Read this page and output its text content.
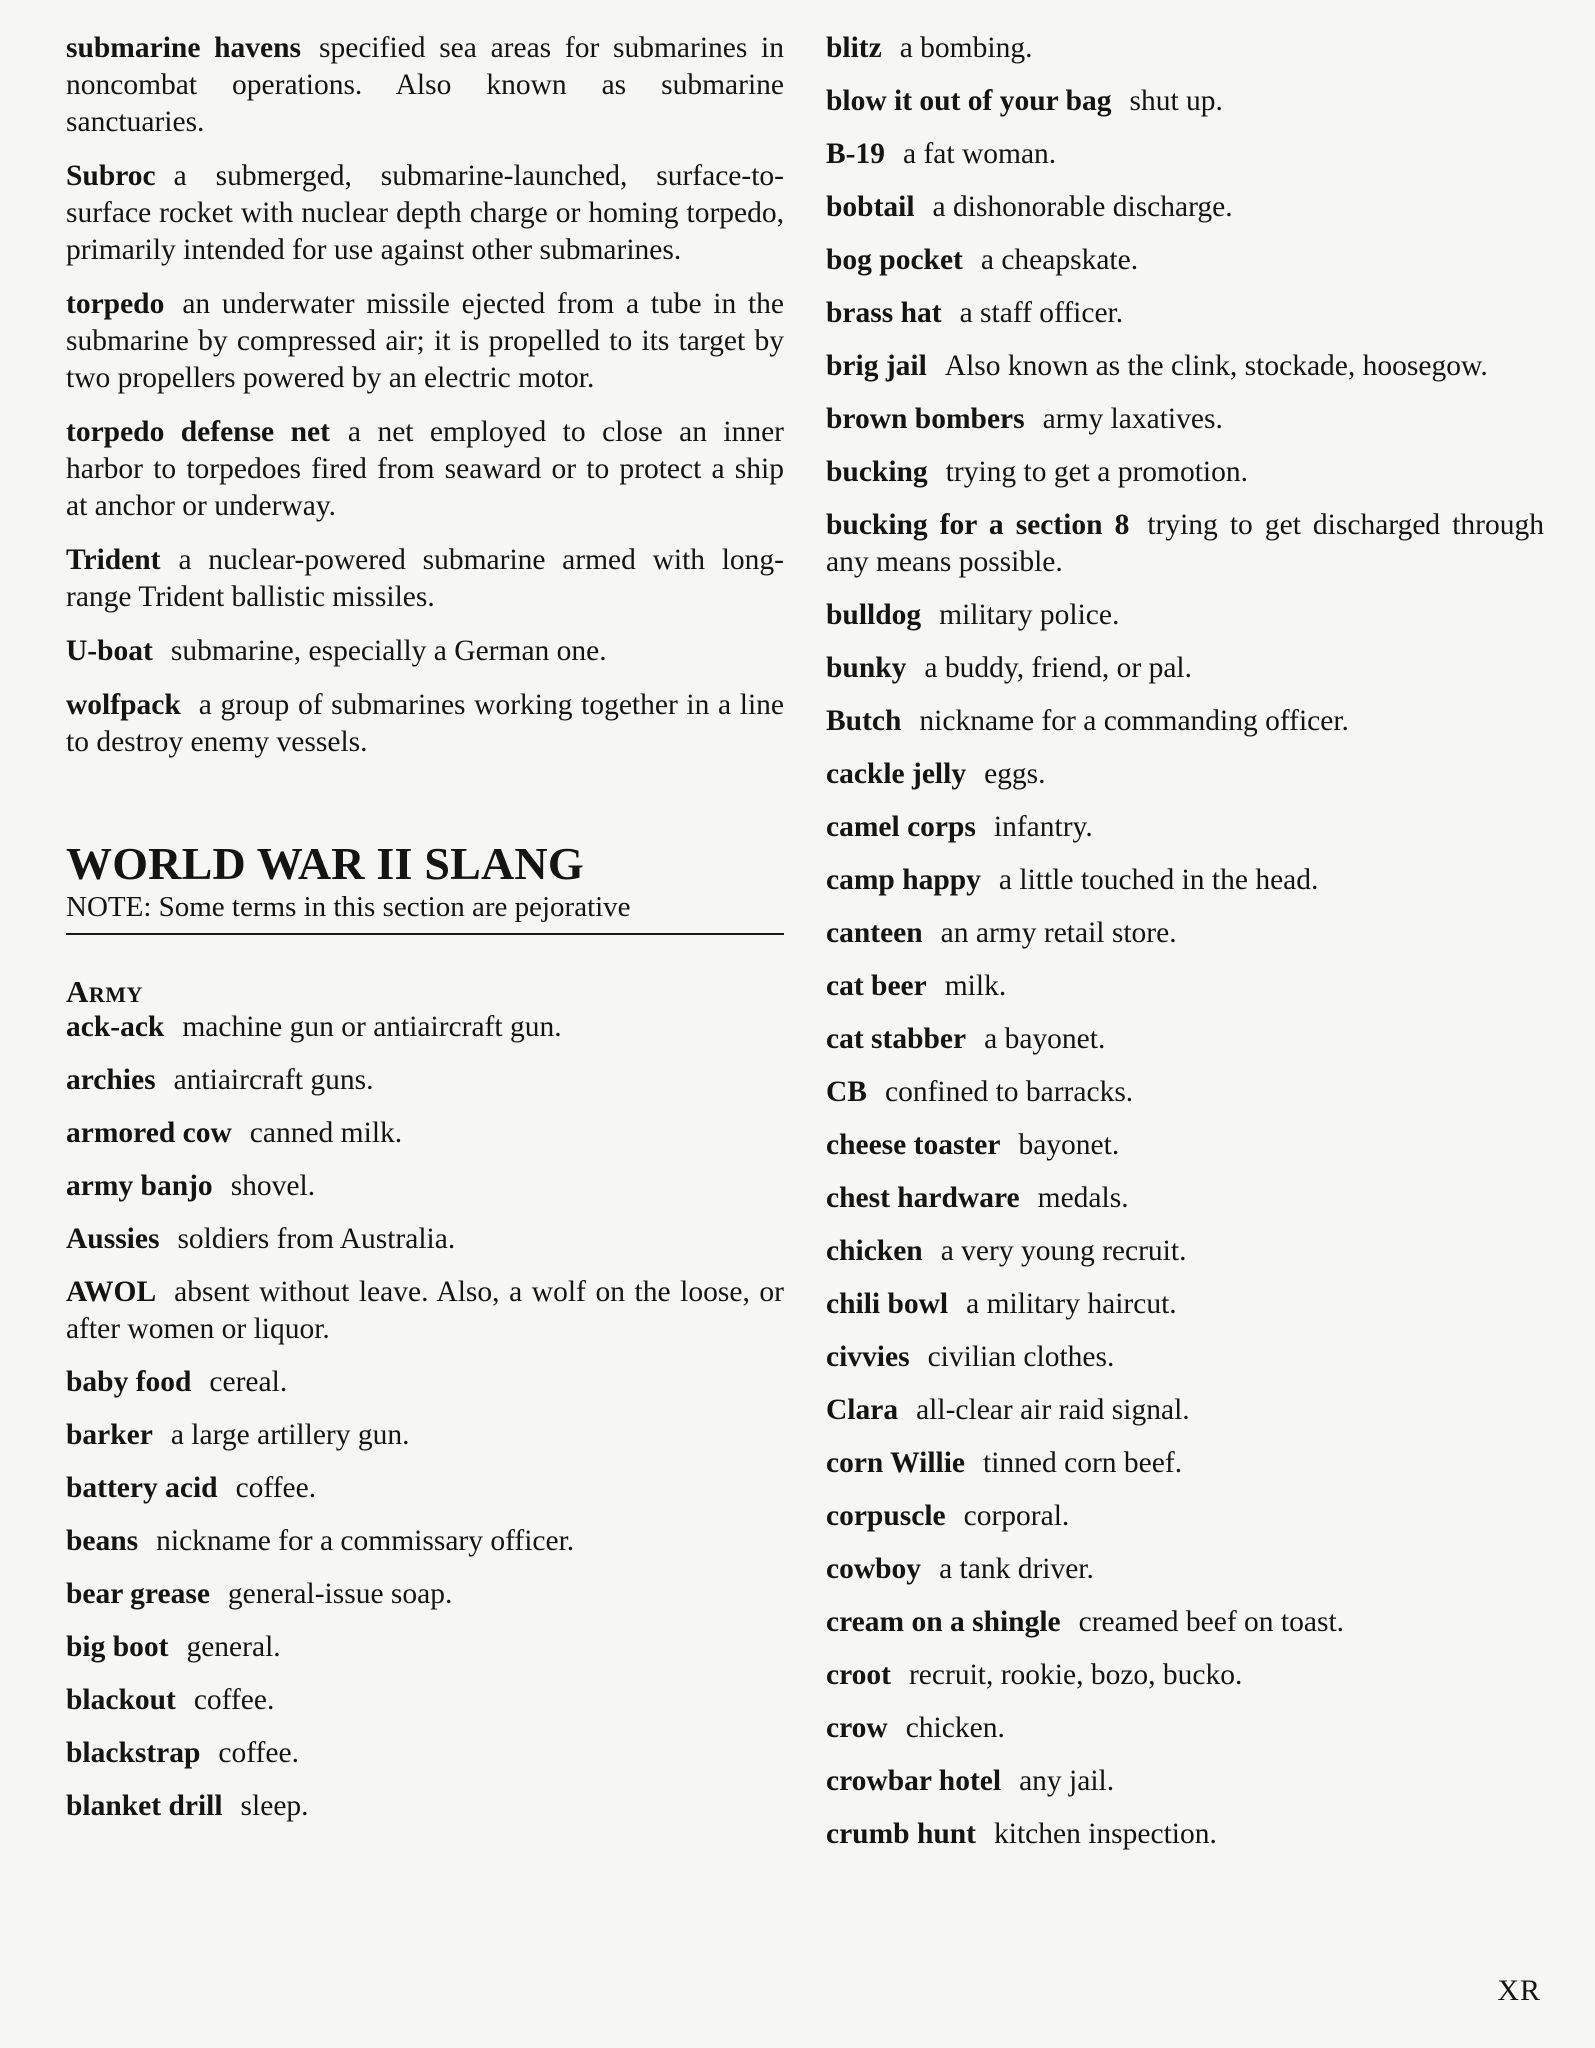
submarine havens specified sea areas for submarines in noncombat operations. Also known as submarine sanctuaries.

Subroc a submerged, submarine-launched, surface-to-surface rocket with nuclear depth charge or homing torpedo, primarily intended for use against other submarines.

torpedo an underwater missile ejected from a tube in the submarine by compressed air; it is propelled to its target by two propellers powered by an electric motor.

torpedo defense net a net employed to close an inner harbor to torpedoes fired from seaward or to protect a ship at anchor or underway.

Trident a nuclear-powered submarine armed with long-range Trident ballistic missiles.

U-boat submarine, especially a German one.

wolfpack a group of submarines working together in a line to destroy enemy vessels.

WORLD WAR II SLANG

NOTE: Some terms in this section are pejorative

Army

ack-ack machine gun or antiaircraft gun.

archies antiaircraft guns.

armored cow canned milk.

army banjo shovel.

Aussies soldiers from Australia.

AWOL absent without leave. Also, a wolf on the loose, or after women or liquor.

baby food cereal.

barker a large artillery gun.

battery acid coffee.

beans nickname for a commissary officer.

bear grease general-issue soap.

big boot general.

blackout coffee.

blackstrap coffee.

blanket drill sleep.

blitz a bombing.

blow it out of your bag shut up.

B-19 a fat woman.

bobtail a dishonorable discharge.

bog pocket a cheapskate.

brass hat a staff officer.

brig jail Also known as the clink, stockade, hoosegow.

brown bombers army laxatives.

bucking trying to get a promotion.

bucking for a section 8 trying to get discharged through any means possible.

bulldog military police.

bunky a buddy, friend, or pal.

Butch nickname for a commanding officer.

cackle jelly eggs.

camel corps infantry.

camp happy a little touched in the head.

canteen an army retail store.

cat beer milk.

cat stabber a bayonet.

CB confined to barracks.

cheese toaster bayonet.

chest hardware medals.

chicken a very young recruit.

chili bowl a military haircut.

civvies civilian clothes.

Clara all-clear air raid signal.

corn Willie tinned corn beef.

corpuscle corporal.

cowboy a tank driver.

cream on a shingle creamed beef on toast.

croot recruit, rookie, bozo, bucko.

crow chicken.

crowbar hotel any jail.

crumb hunt kitchen inspection.

XR
